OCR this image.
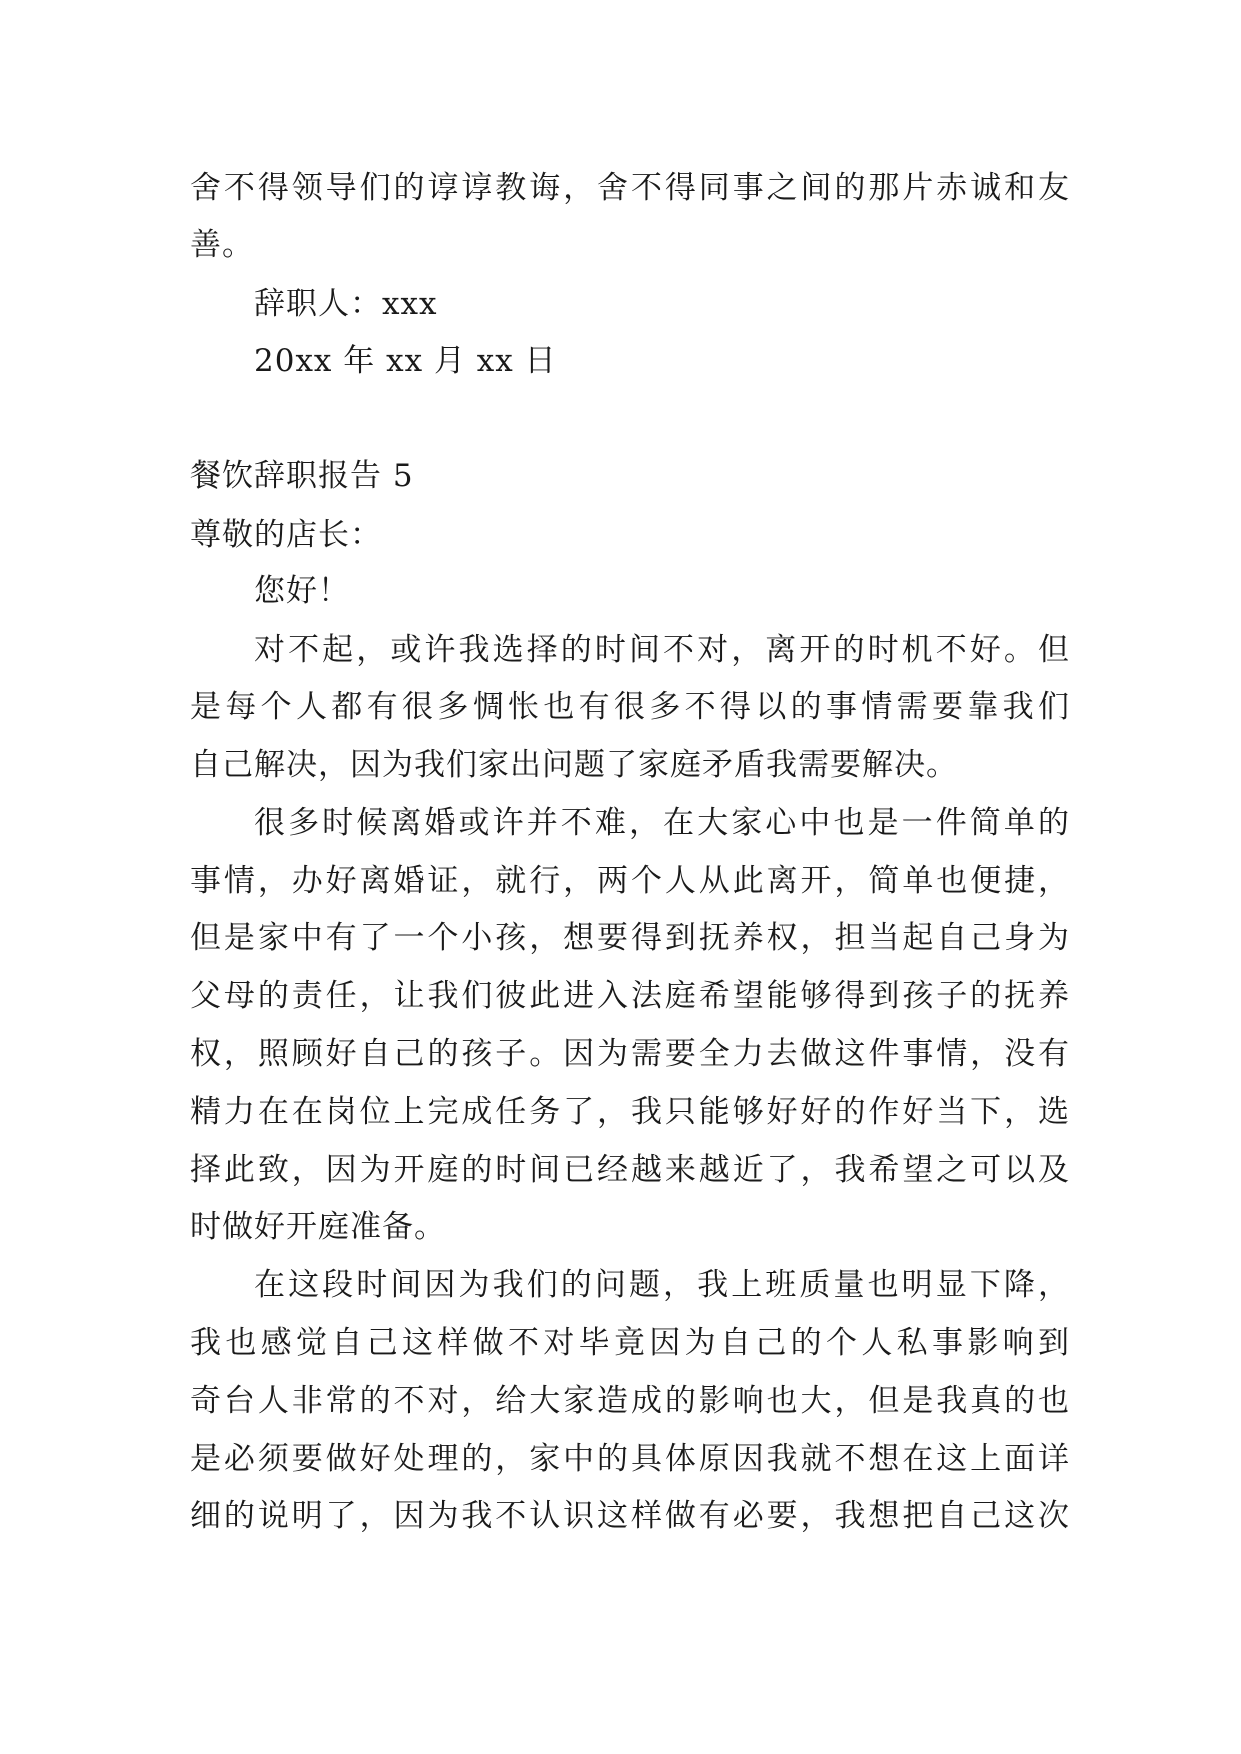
舍不得领导们的谆谆教诲，舍不得同事之间的那片赤诚和友
善。
辞职人：xxx
20xx 年 xx 月 xx 日
餐饮辞职报告 5
尊敬的店长：
您好！
对不起，或许我选择的时间不对，离开的时机不好。但
是每个人都有很多惆怅也有很多不得以的事情需要靠我们
自己解决，因为我们家出问题了家庭矛盾我需要解决。
很多时候离婚或许并不难，在大家心中也是一件简单的
事情，办好离婚证，就行，两个人从此离开，简单也便捷，
但是家中有了一个小孩，想要得到抚养权，担当起自己身为
父母的责任，让我们彼此进入法庭希望能够得到孩子的抚养
权，照顾好自己的孩子。因为需要全力去做这件事情，没有
精力在在岗位上完成任务了，我只能够好好的作好当下，选
择此致，因为开庭的时间已经越来越近了，我希望之可以及
时做好开庭准备。
在这段时间因为我们的问题，我上班质量也明显下降，
我也感觉自己这样做不对毕竟因为自己的个人私事影响到
奇台人非常的不对，给大家造成的影响也大，但是我真的也
是必须要做好处理的，家中的具体原因我就不想在这上面详
细的说明了，因为我不认识这样做有必要，我想把自己这次
